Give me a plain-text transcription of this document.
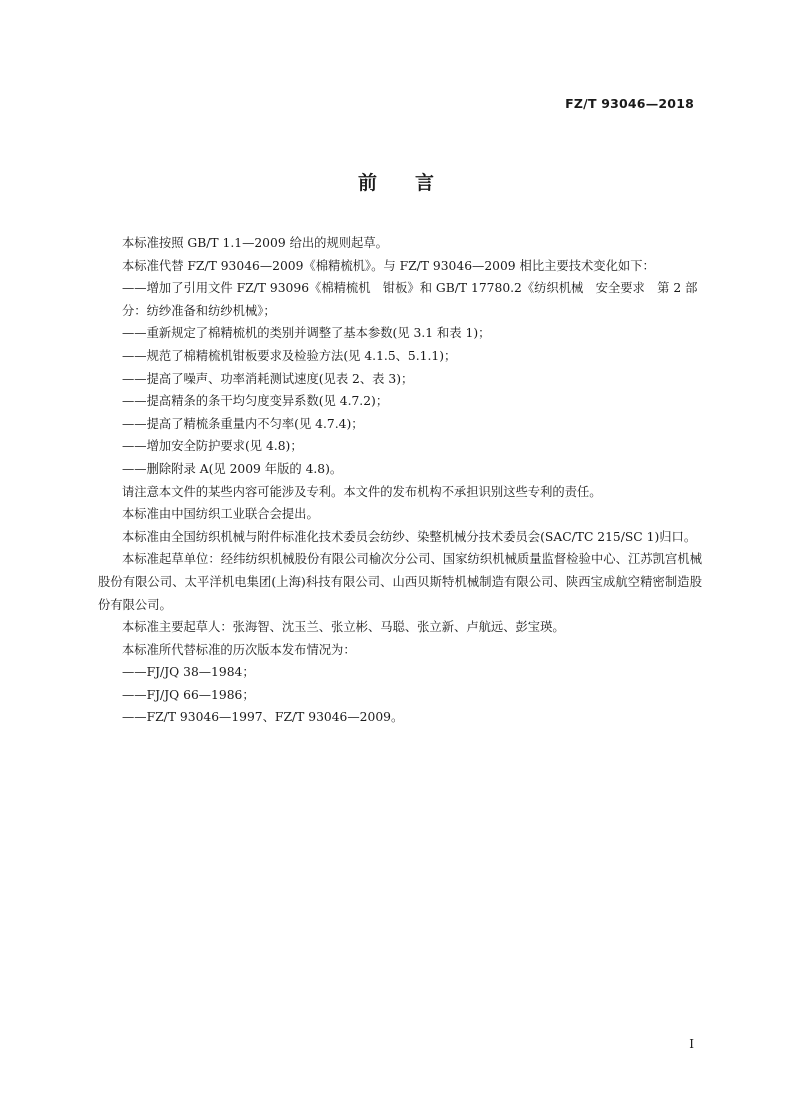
FZ/T 93046—2018
前言

本标准按照 GB/T 1.1—2009 给出的规则起草。

本标准代替 FZ/T 93046—2009《棉精梳机》。与 FZ/T 93046—2009 相比主要技术变化如下：

——增加了引用文件 FZ/T 93096《棉精梳机　钳板》和 GB/T 17780.2《纺织机械　安全要求　第 2 部分：纺纱准备和纺纱机械》；

——重新规定了棉精梳机的类别并调整了基本参数(见 3.1 和表 1)；

——规范了棉精梳机钳板要求及检验方法(见 4.1.5、5.1.1)；

——提高了噪声、功率消耗测试速度(见表 2、表 3)；

——提高精条的条干均匀度变异系数(见 4.7.2)；

——提高了精梳条重量内不匀率(见 4.7.4)；

——增加安全防护要求(见 4.8)；

——删除附录 A(见 2009 年版的 4.8)。

请注意本文件的某些内容可能涉及专利。本文件的发布机构不承担识别这些专利的责任。

本标准由中国纺织工业联合会提出。

本标准由全国纺织机械与附件标准化技术委员会纺纱、染整机械分技术委员会(SAC/TC 215/SC 1)归口。

本标准起草单位：经纬纺织机械股份有限公司榆次分公司、国家纺织机械质量监督检验中心、江苏凯宫机械股份有限公司、太平洋机电集团(上海)科技有限公司、山西贝斯特机械制造有限公司、陕西宝成航空精密制造股份有限公司。

本标准主要起草人：张海智、沈玉兰、张立彬、马聪、张立新、卢航远、彭宝瑛。

本标准所代替标准的历次版本发布情况为：

——FJ/JQ 38—1984；

——FJ/JQ 66—1986；

——FZ/T 93046—1997、FZ/T 93046—2009。

I
